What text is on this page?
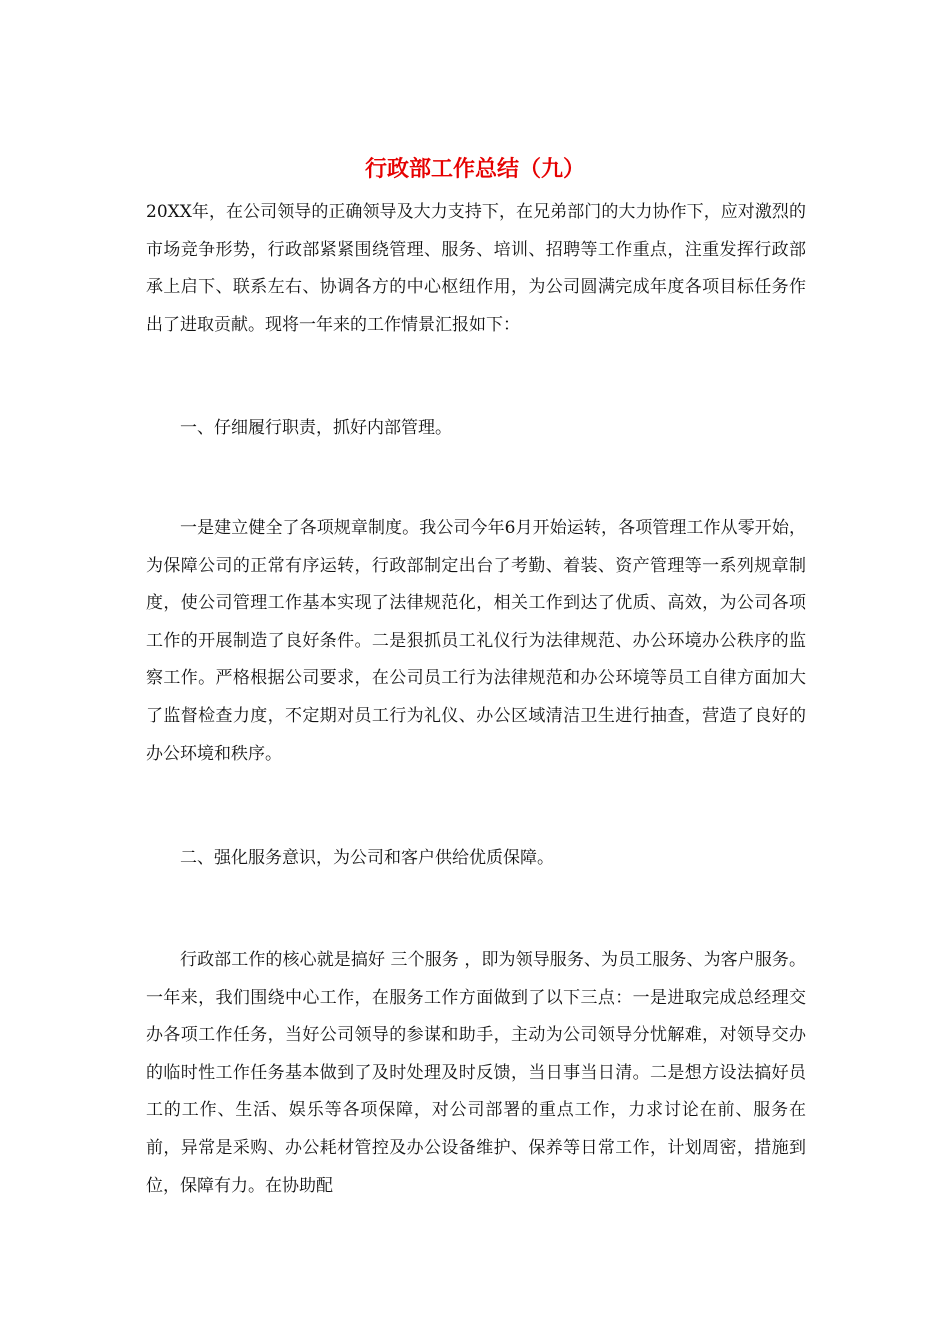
行政部工作总结（九）

20XX年，在公司领导的正确领导及大力支持下，在兄弟部门的大力协作下，应对激烈的市场竞争形势，行政部紧紧围绕管理、服务、培训、招聘等工作重点，注重发挥行政部承上启下、联系左右、协调各方的中心枢纽作用，为公司圆满完成年度各项目标任务作出了进取贡献。现将一年来的工作情景汇报如下：

一、仔细履行职责，抓好内部管理。

一是建立健全了各项规章制度。我公司今年6月开始运转，各项管理工作从零开始，为保障公司的正常有序运转，行政部制定出台了考勤、着装、资产管理等一系列规章制度，使公司管理工作基本实现了法律规范化，相关工作到达了优质、高效，为公司各项工作的开展制造了良好条件。二是狠抓员工礼仪行为法律规范、办公环境办公秩序的监察工作。严格根据公司要求，在公司员工行为法律规范和办公环境等员工自律方面加大了监督检查力度，不定期对员工行为礼仪、办公区域清洁卫生进行抽查，营造了良好的办公环境和秩序。

二、强化服务意识，为公司和客户供给优质保障。

行政部工作的核心就是搞好 三个服务 ，即为领导服务、为员工服务、为客户服务。一年来，我们围绕中心工作，在服务工作方面做到了以下三点：一是进取完成总经理交办各项工作任务，当好公司领导的参谋和助手，主动为公司领导分忧解难，对领导交办的临时性工作任务基本做到了及时处理及时反馈，当日事当日清。二是想方设法搞好员工的工作、生活、娱乐等各项保障，对公司部署的重点工作，力求讨论在前、服务在前，异常是采购、办公耗材管控及办公设备维护、保养等日常工作，计划周密，措施到位，保障有力。在协助配
